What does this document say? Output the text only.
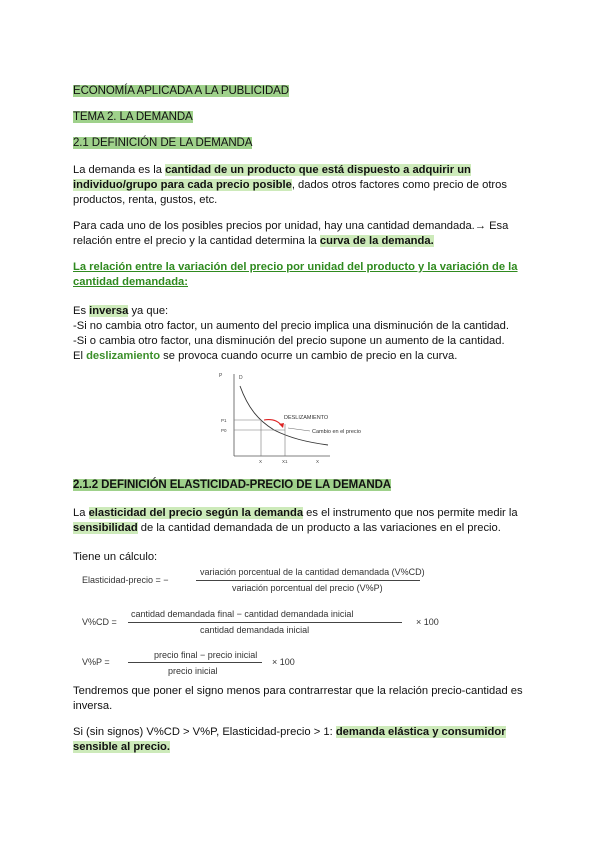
ECONOMÍA APLICADA A LA PUBLICIDAD
TEMA 2. LA DEMANDA
2.1 DEFINICIÓN DE LA DEMANDA
La demanda es la cantidad de un producto que está dispuesto a adquirir un
individuo/grupo para cada precio posible, dados otros factores como precio de otros
productos, renta, gustos, etc.
Para cada uno de los posibles precios por unidad, hay una cantidad demandada.→ Esa
relación entre el precio y la cantidad determina la curva de la demanda.
La relación entre la variación del precio por unidad del producto y la variación de la
cantidad demandada:
Es inversa ya que:
-Si no cambia otro factor, un aumento del precio implica una disminución de la cantidad.
-Si o cambia otro factor, una disminución del precio supone un aumento de la cantidad.
El deslizamiento se provoca cuando ocurre un cambio de precio en la curva.
P	D
P1
P0
X	X1	X
DESLIZAMIENTO
Cambio en el precio
2.1.2 DEFINICIÓN ELASTICIDAD-PRECIO DE LA DEMANDA
La elasticidad del precio según la demanda es el instrumento que nos permite medir la
sensibilidad de la cantidad demandada de un producto a las variaciones en el precio.
Tiene un cálculo:
Elasticidad-precio = −
variación porcentual de la cantidad demandada (V%CD)
variación porcentual del precio (V%P)
V%CD =
cantidad demandada final − cantidad demandada inicial
cantidad demandada inicial
× 100
V%P =
precio final − precio inicial
precio inicial
× 100
Tendremos que poner el signo menos para contrarrestar que la relación precio-cantidad es
inversa.
Si (sin signos) V%CD > V%P, Elasticidad-precio > 1: demanda elástica y consumidor
sensible al precio.
